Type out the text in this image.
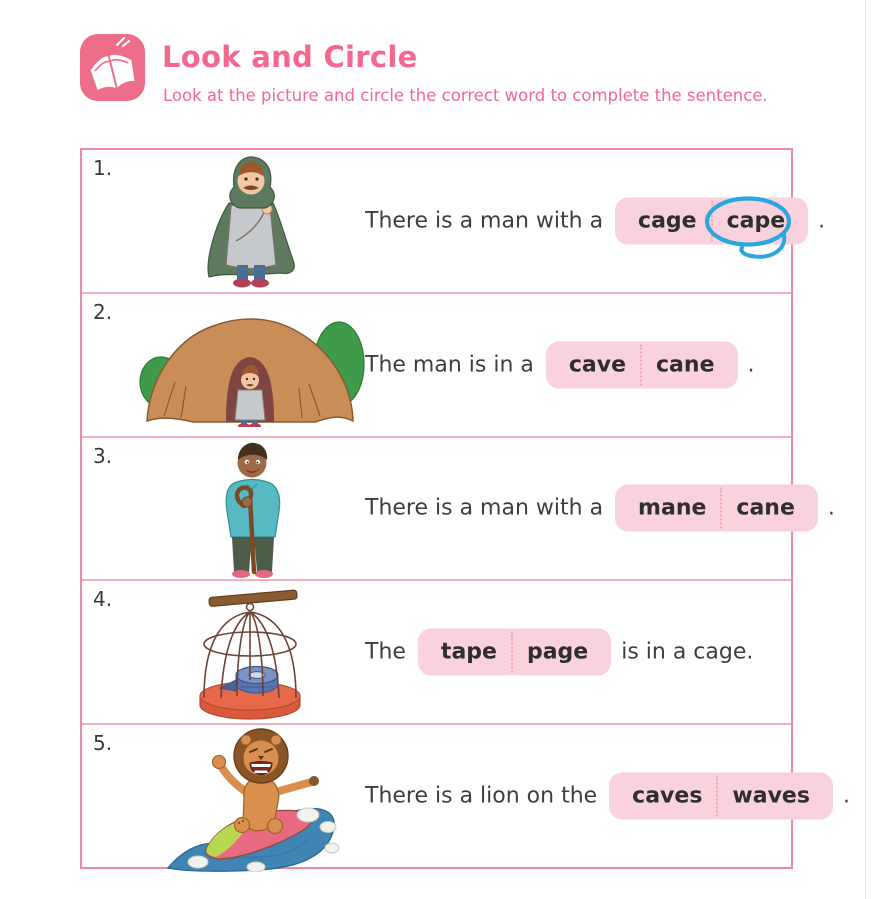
Look and Circle
Look at the picture and circle the correct word to complete the sentence.
1.
There is a man with a cage cape .
2.
The man is in a cave cane .
3.
There is a man with a mane cane .
4.
The tape page is in a cage.
5.
There is a lion on the caves waves .
